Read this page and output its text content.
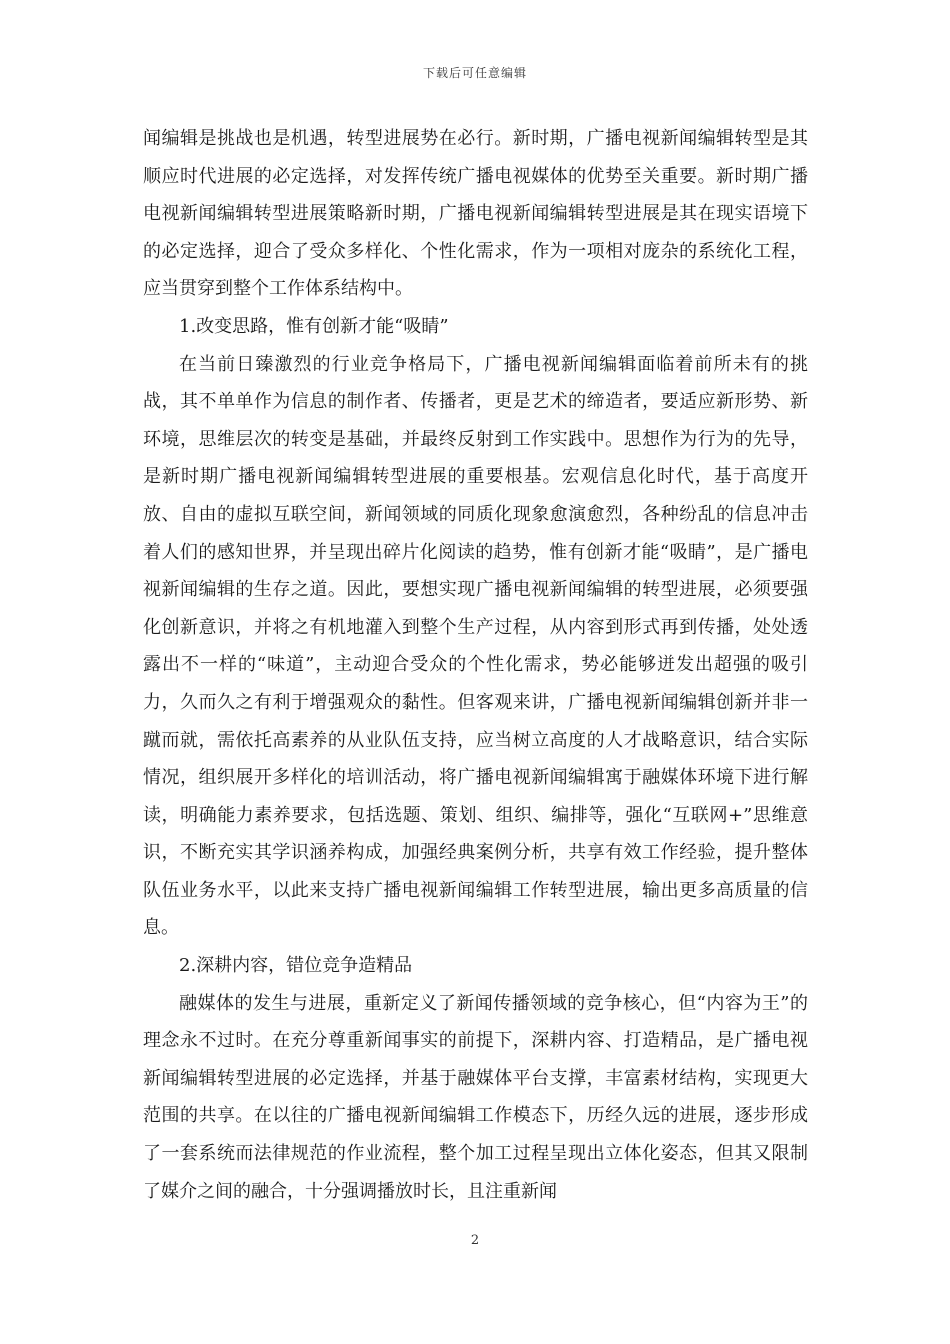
下载后可任意编辑

闻编辑是挑战也是机遇，转型进展势在必行。新时期，广播电视新闻编辑转型是其顺应时代进展的必定选择，对发挥传统广播电视媒体的优势至关重要。新时期广播电视新闻编辑转型进展策略新时期，广播电视新闻编辑转型进展是其在现实语境下的必定选择，迎合了受众多样化、个性化需求，作为一项相对庞杂的系统化工程，应当贯穿到整个工作体系结构中。

1.改变思路，惟有创新才能“吸睛”

在当前日臻激烈的行业竞争格局下，广播电视新闻编辑面临着前所未有的挑战，其不单单作为信息的制作者、传播者，更是艺术的缔造者，要适应新形势、新环境，思维层次的转变是基础，并最终反射到工作实践中。思想作为行为的先导，是新时期广播电视新闻编辑转型进展的重要根基。宏观信息化时代，基于高度开放、自由的虚拟互联空间，新闻领域的同质化现象愈演愈烈，各种纷乱的信息冲击着人们的感知世界，并呈现出碎片化阅读的趋势，惟有创新才能“吸睛”，是广播电视新闻编辑的生存之道。因此，要想实现广播电视新闻编辑的转型进展，必须要强化创新意识，并将之有机地灌入到整个生产过程，从内容到形式再到传播，处处透露出不一样的“味道”，主动迎合受众的个性化需求，势必能够迸发出超强的吸引力，久而久之有利于增强观众的黏性。但客观来讲，广播电视新闻编辑创新并非一蹴而就，需依托高素养的从业队伍支持，应当树立高度的人才战略意识，结合实际情况，组织展开多样化的培训活动，将广播电视新闻编辑寓于融媒体环境下进行解读，明确能力素养要求，包括选题、策划、组织、编排等，强化“互联网+”思维意识，不断充实其学识涵养构成，加强经典案例分析，共享有效工作经验，提升整体队伍业务水平，以此来支持广播电视新闻编辑工作转型进展，输出更多高质量的信息。

2.深耕内容，错位竞争造精品

融媒体的发生与进展，重新定义了新闻传播领域的竞争核心，但“内容为王”的理念永不过时。在充分尊重新闻事实的前提下，深耕内容、打造精品，是广播电视新闻编辑转型进展的必定选择，并基于融媒体平台支撑，丰富素材结构，实现更大范围的共享。在以往的广播电视新闻编辑工作模态下，历经久远的进展，逐步形成了一套系统而法律规范的作业流程，整个加工过程呈现出立体化姿态，但其又限制了媒介之间的融合，十分强调播放时长，且注重新闻

2
